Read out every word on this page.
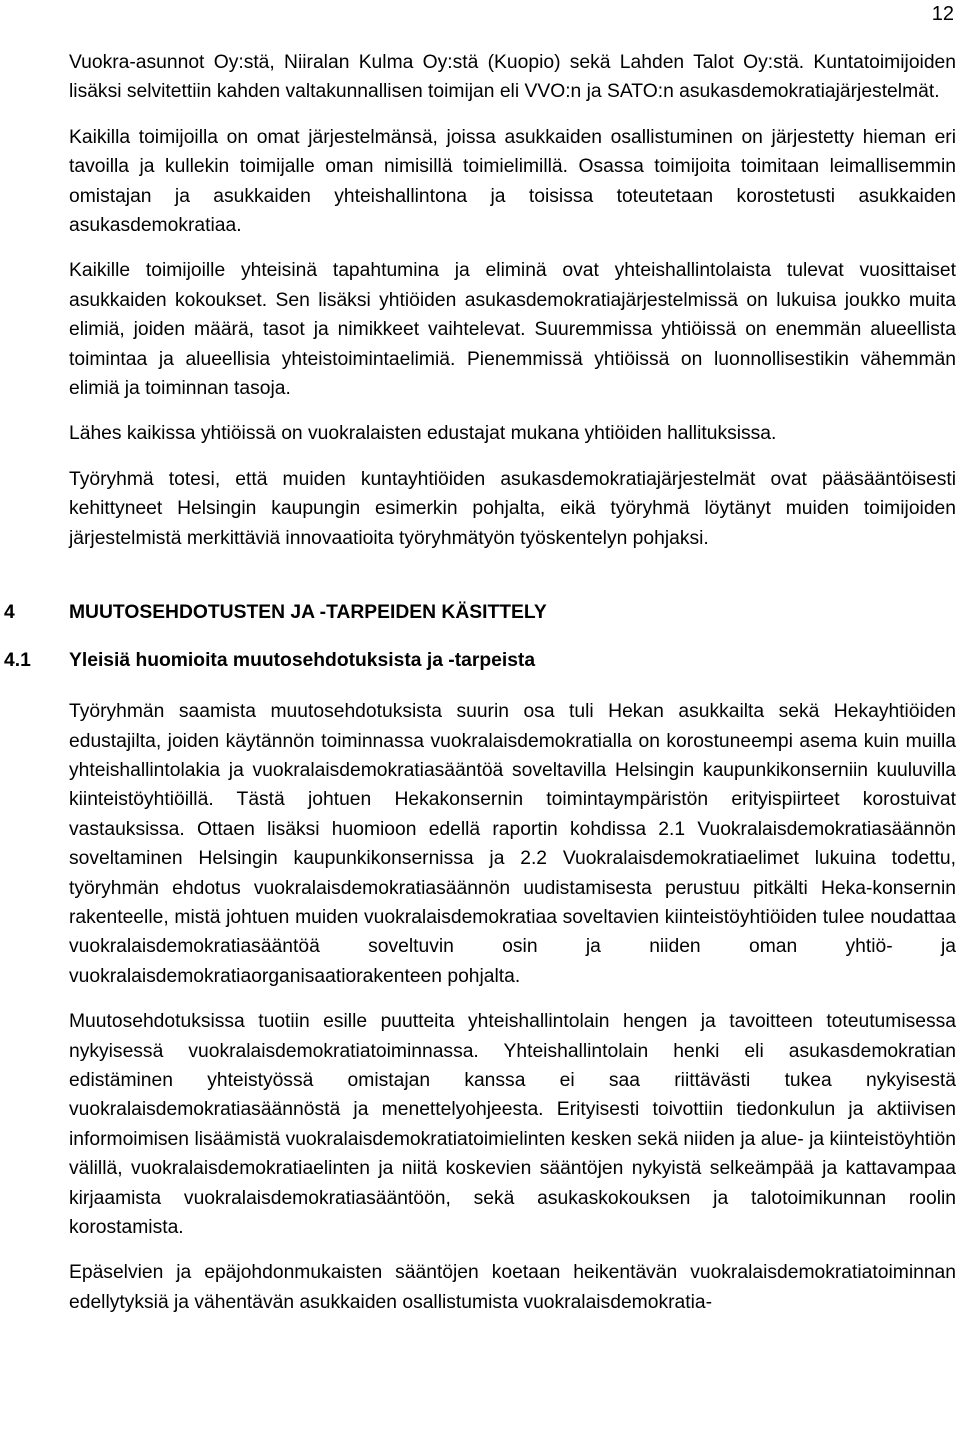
12

Vuokra-asunnot Oy:stä, Niiralan Kulma Oy:stä (Kuopio) sekä Lahden Talot Oy:stä. Kuntatoimijoiden lisäksi selvitettiin kahden valtakunnallisen toimijan eli VVO:n ja SATO:n asukasdemokratiajärjestelmät.

Kaikilla toimijoilla on omat järjestelmänsä, joissa asukkaiden osallistuminen on järjestetty hieman eri tavoilla ja kullekin toimijalle oman nimisillä toimielimillä. Osassa toimijoita toimitaan leimallisemmin omistajan ja asukkaiden yhteishallintona ja toisissa toteutetaan korostetusti asukkaiden asukasdemokratiaa.

Kaikille toimijoille yhteisinä tapahtumina ja eliminä ovat yhteishallintolaista tulevat vuosittaiset asukkaiden kokoukset. Sen lisäksi yhtiöiden asukasdemokratiajärjestelmissä on lukuisa joukko muita elimiä, joiden määrä, tasot ja nimikkeet vaihtelevat. Suuremmissa yhtiöissä on enemmän alueellista toimintaa ja alueellisia yhteistoimintaelimiä. Pienemmissä yhtiöissä on luonnollisestikin vähemmän elimiä ja toiminnan tasoja.

Lähes kaikissa yhtiöissä on vuokralaisten edustajat mukana yhtiöiden hallituksissa.

Työryhmä totesi, että muiden kuntayhtiöiden asukasdemokratiajärjestelmät ovat pääsääntöisesti kehittyneet Helsingin kaupungin esimerkin pohjalta, eikä työryhmä löytänyt muiden toimijoiden järjestelmistä merkittäviä innovaatioita työryhmätyön työskentelyn pohjaksi.

4	MUUTOSEHDOTUSTEN JA -TARPEIDEN KÄSITTELY
4.1 Yleisiä huomioita muutosehdotuksista ja -tarpeista

Työryhmän saamista muutosehdotuksista suurin osa tuli Hekan asukkailta sekä Hekayhtiöiden edustajilta, joiden käytännön toiminnassa vuokralaisdemokratialla on korostuneempi asema kuin muilla yhteishallintolakia ja vuokralaisdemokratiasääntöä soveltavilla Helsingin kaupunkikonserniin kuuluvilla kiinteistöyhtiöillä. Tästä johtuen Hekakonsernin toimintaympäristön erityispiirteet korostuivat vastauksissa. Ottaen lisäksi huomioon edellä raportin kohdissa 2.1 Vuokralaisdemokratiasäännön soveltaminen Helsingin kaupunkikonsernissa ja 2.2 Vuokralaisdemokratiaelimet lukuina todettu, työryhmän ehdotus vuokralaisdemokratiasäännön uudistamisesta perustuu pitkälti Heka-konsernin rakenteelle, mistä johtuen muiden vuokralaisdemokratiaa soveltavien kiinteistöyhtiöiden tulee noudattaa vuokralaisdemokratiasääntöä soveltuvin osin ja niiden oman yhtiö- ja vuokralaisdemokratiaorganisaatiorakenteen pohjalta.

Muutosehdotuksissa tuotiin esille puutteita yhteishallintolain hengen ja tavoitteen toteutumisessa nykyisessä vuokralaisdemokratiatoiminnassa. Yhteishallintolain henki eli asukasdemokratian edistäminen yhteistyössä omistajan kanssa ei saa riittävästi tukea nykyisestä vuokralaisdemokratiasäännöstä ja menettelyohjeesta. Erityisesti toivottiin tiedonkulun ja aktiivisen informoimisen lisäämistä vuokralaisdemokratiatoimielinten kesken sekä niiden ja alue- ja kiinteistöyhtiön välillä, vuokralaisdemokratiaelinten ja niitä koskevien sääntöjen nykyistä selkeämpää ja kattavampaa kirjaamista vuokralaisdemokratiasääntöön, sekä asukaskokouksen ja talotoimikunnan roolin korostamista.

Epäselvien ja epäjohdonmukaisten sääntöjen koetaan heikentävän vuokralaisdemokratiatoiminnan edellytyksiä ja vähentävän asukkaiden osallistumista vuokralaisdemokratia-
